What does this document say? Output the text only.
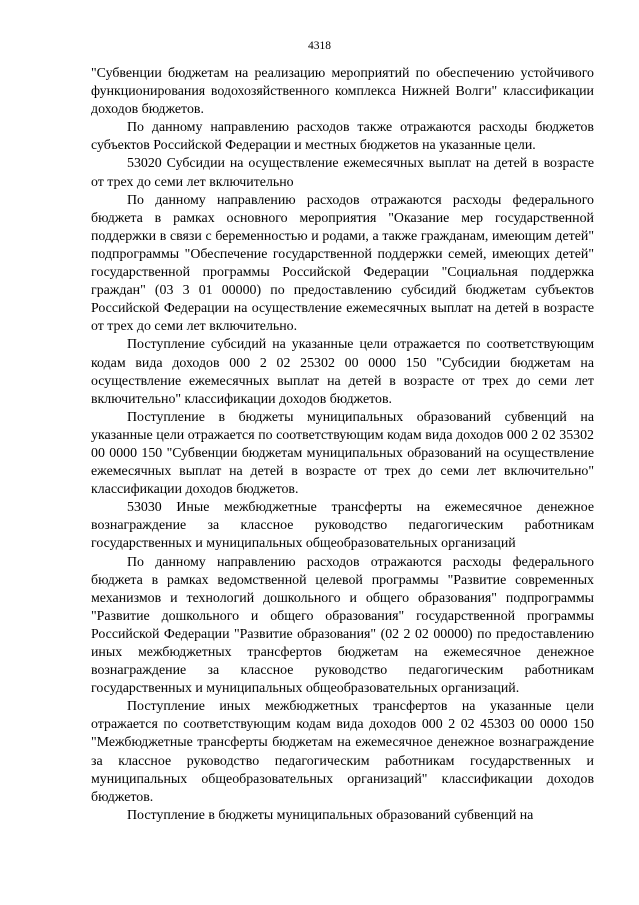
4318

"Субвенции бюджетам на реализацию мероприятий по обеспечению устойчивого функционирования водохозяйственного комплекса Нижней Волги" классификации доходов бюджетов.

По данному направлению расходов также отражаются расходы бюджетов субъектов Российской Федерации и местных бюджетов на указанные цели.

53020 Субсидии на осуществление ежемесячных выплат на детей в возрасте от трех до семи лет включительно

По данному направлению расходов отражаются расходы федерального бюджета в рамках основного мероприятия "Оказание мер государственной поддержки в связи с беременностью и родами, а также гражданам, имеющим детей" подпрограммы "Обеспечение государственной поддержки семей, имеющих детей" государственной программы Российской Федерации "Социальная поддержка граждан" (03 3 01 00000) по предоставлению субсидий бюджетам субъектов Российской Федерации на осуществление ежемесячных выплат на детей в возрасте от трех до семи лет включительно.

Поступление субсидий на указанные цели отражается по соответствующим кодам вида доходов 000 2 02 25302 00 0000 150 "Субсидии бюджетам на осуществление ежемесячных выплат на детей в возрасте от трех до семи лет включительно" классификации доходов бюджетов.

Поступление в бюджеты муниципальных образований субвенций на указанные цели отражается по соответствующим кодам вида доходов 000 2 02 35302 00 0000 150 "Субвенции бюджетам муниципальных образований на осуществление ежемесячных выплат на детей в возрасте от трех до семи лет включительно" классификации доходов бюджетов.

53030 Иные межбюджетные трансферты на ежемесячное денежное вознаграждение за классное руководство педагогическим работникам государственных и муниципальных общеобразовательных организаций

По данному направлению расходов отражаются расходы федерального бюджета в рамках ведомственной целевой программы "Развитие современных механизмов и технологий дошкольного и общего образования" подпрограммы "Развитие дошкольного и общего образования" государственной программы Российской Федерации "Развитие образования" (02 2 02 00000) по предоставлению иных межбюджетных трансфертов бюджетам на ежемесячное денежное вознаграждение за классное руководство педагогическим работникам государственных и муниципальных общеобразовательных организаций.

Поступление иных межбюджетных трансфертов на указанные цели отражается по соответствующим кодам вида доходов 000 2 02 45303 00 0000 150 "Межбюджетные трансферты бюджетам на ежемесячное денежное вознаграждение за классное руководство педагогическим работникам государственных и муниципальных общеобразовательных организаций" классификации доходов бюджетов.

Поступление в бюджеты муниципальных образований субвенций на
